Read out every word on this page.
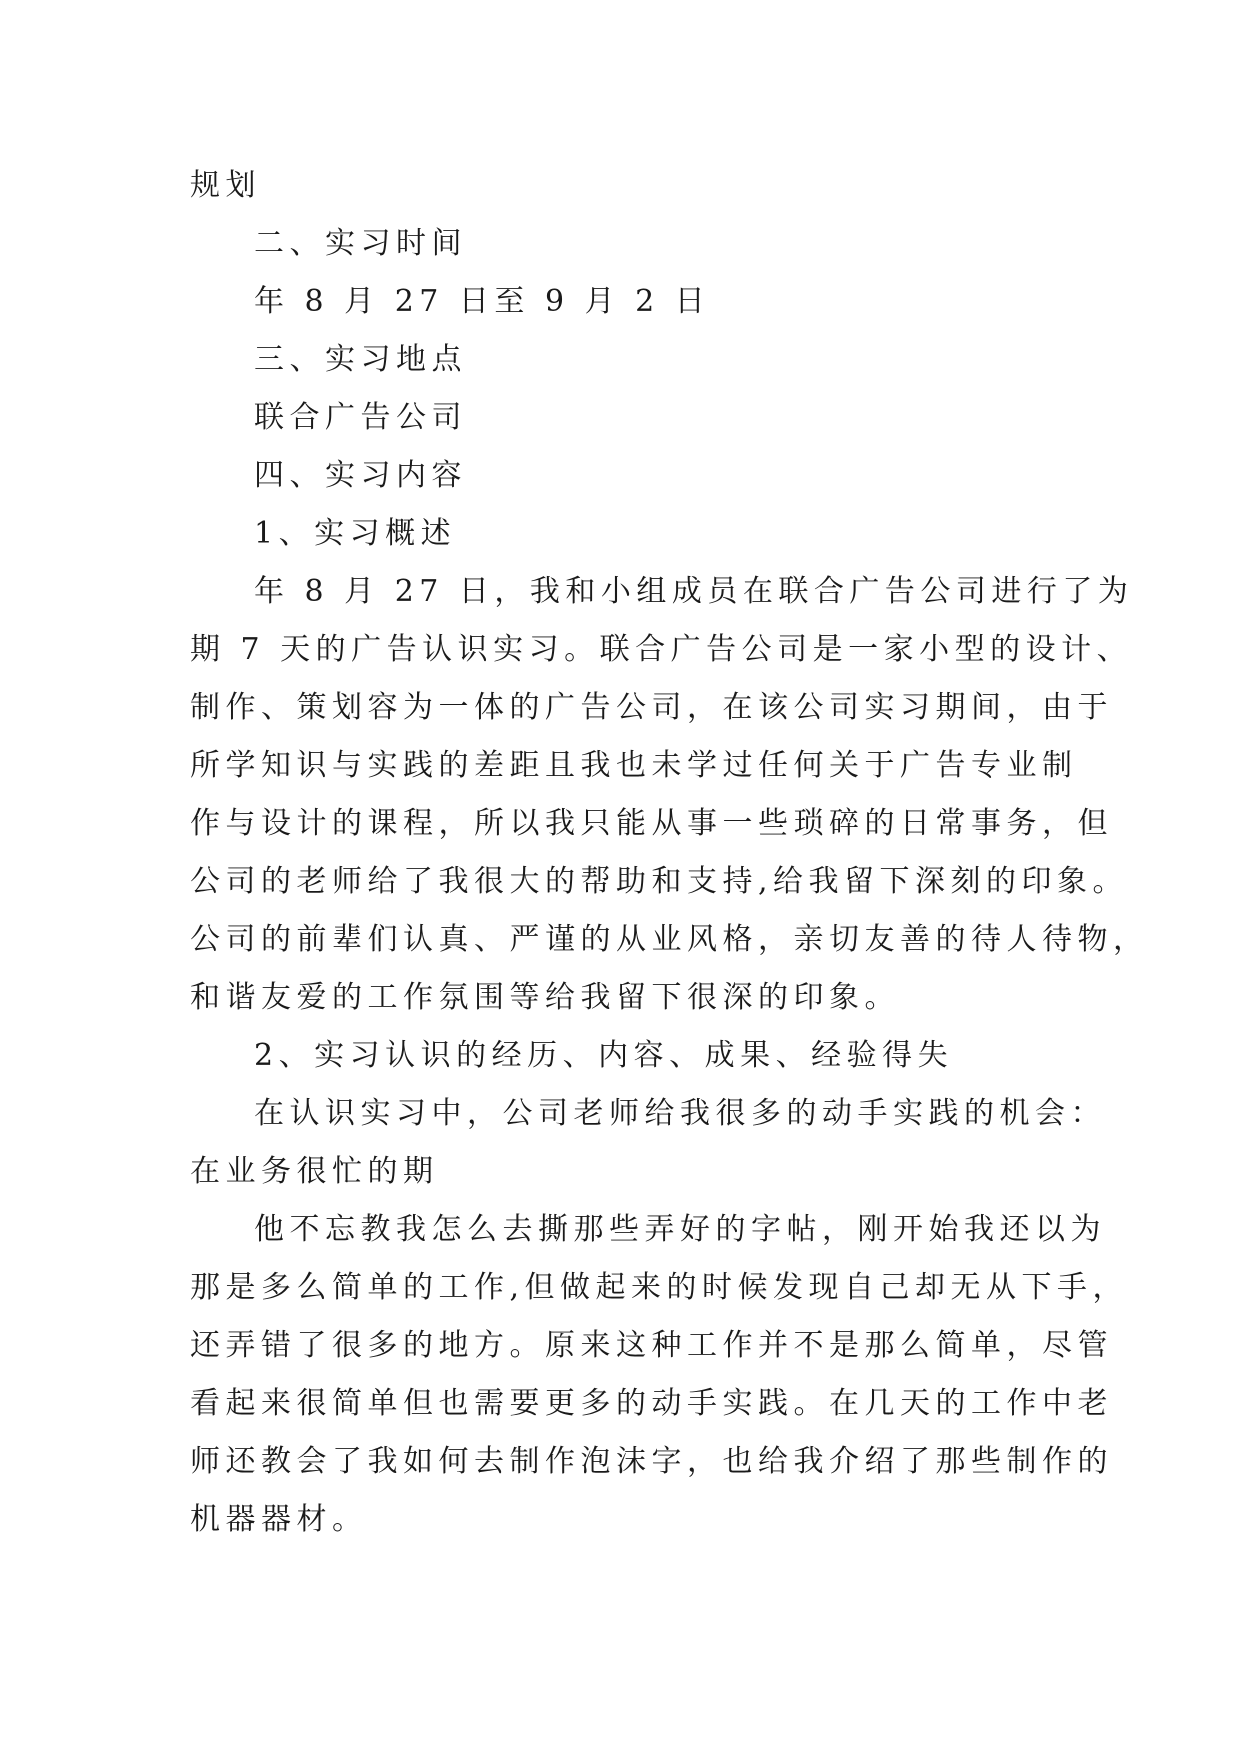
规划

二、实习时间

年 8 月 27 日至 9 月 2 日

三、实习地点

联合广告公司

四、实习内容

1、实习概述

年 8 月 27 日，我和小组成员在联合广告公司进行了为

期 7 天的广告认识实习。联合广告公司是一家小型的设计、

制作、策划容为一体的广告公司，在该公司实习期间，由于

所学知识与实践的差距且我也未学过任何关于广告专业制

作与设计的课程，所以我只能从事一些琐碎的日常事务，但

公司的老师给了我很大的帮助和支持,给我留下深刻的印象。

公司的前辈们认真、严谨的从业风格，亲切友善的待人待物，

和谐友爱的工作氛围等给我留下很深的印象。

2、实习认识的经历、内容、成果、经验得失

在认识实习中，公司老师给我很多的动手实践的机会：

在业务很忙的期

他不忘教我怎么去撕那些弄好的字帖，刚开始我还以为

那是多么简单的工作,但做起来的时候发现自己却无从下手，

还弄错了很多的地方。原来这种工作并不是那么简单，尽管

看起来很简单但也需要更多的动手实践。在几天的工作中老

师还教会了我如何去制作泡沫字，也给我介绍了那些制作的

机器器材。
